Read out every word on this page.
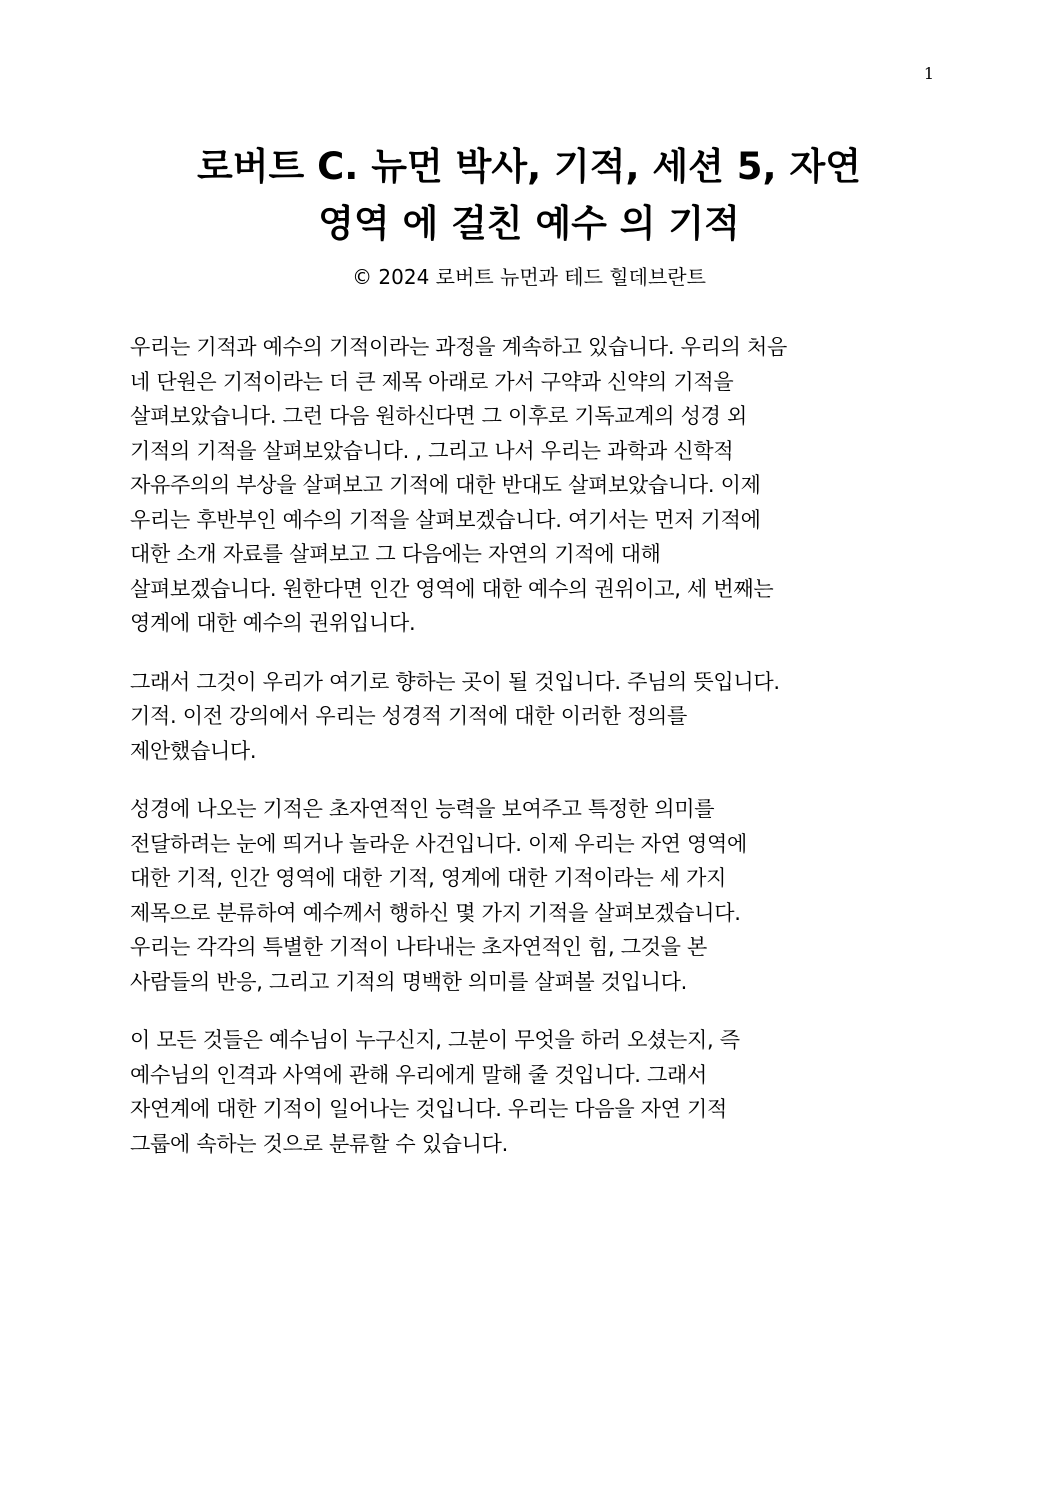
1
로버트 C. 뉴먼 박사, 기적, 세션 5, 자연
영역 에 걸친 예수 의 기적
© 2024 로버트 뉴먼과 테드 힐데브란트
우리는 기적과 예수의 기적이라는 과정을 계속하고 있습니다. 우리의 처음
네 단원은 기적이라는 더 큰 제목 아래로 가서 구약과 신약의 기적을
살펴보았습니다. 그런 다음 원하신다면 그 이후로 기독교계의 성경 외
기적의 기적을 살펴보았습니다. , 그리고 나서 우리는 과학과 신학적
자유주의의 부상을 살펴보고 기적에 대한 반대도 살펴보았습니다. 이제
우리는 후반부인 예수의 기적을 살펴보겠습니다. 여기서는 먼저 기적에
대한 소개 자료를 살펴보고 그 다음에는 자연의 기적에 대해
살펴보겠습니다. 원한다면 인간 영역에 대한 예수의 권위이고, 세 번째는
영계에 대한 예수의 권위입니다.
그래서 그것이 우리가 여기로 향하는 곳이 될 것입니다. 주님의 뜻입니다.
기적. 이전 강의에서 우리는 성경적 기적에 대한 이러한 정의를
제안했습니다.
성경에 나오는 기적은 초자연적인 능력을 보여주고 특정한 의미를
전달하려는 눈에 띄거나 놀라운 사건입니다. 이제 우리는 자연 영역에
대한 기적, 인간 영역에 대한 기적, 영계에 대한 기적이라는 세 가지
제목으로 분류하여 예수께서 행하신 몇 가지 기적을 살펴보겠습니다.
우리는 각각의 특별한 기적이 나타내는 초자연적인 힘, 그것을 본
사람들의 반응, 그리고 기적의 명백한 의미를 살펴볼 것입니다.
이 모든 것들은 예수님이 누구신지, 그분이 무엇을 하러 오셨는지, 즉
예수님의 인격과 사역에 관해 우리에게 말해 줄 것입니다. 그래서
자연계에 대한 기적이 일어나는 것입니다. 우리는 다음을 자연 기적
그룹에 속하는 것으로 분류할 수 있습니다.
